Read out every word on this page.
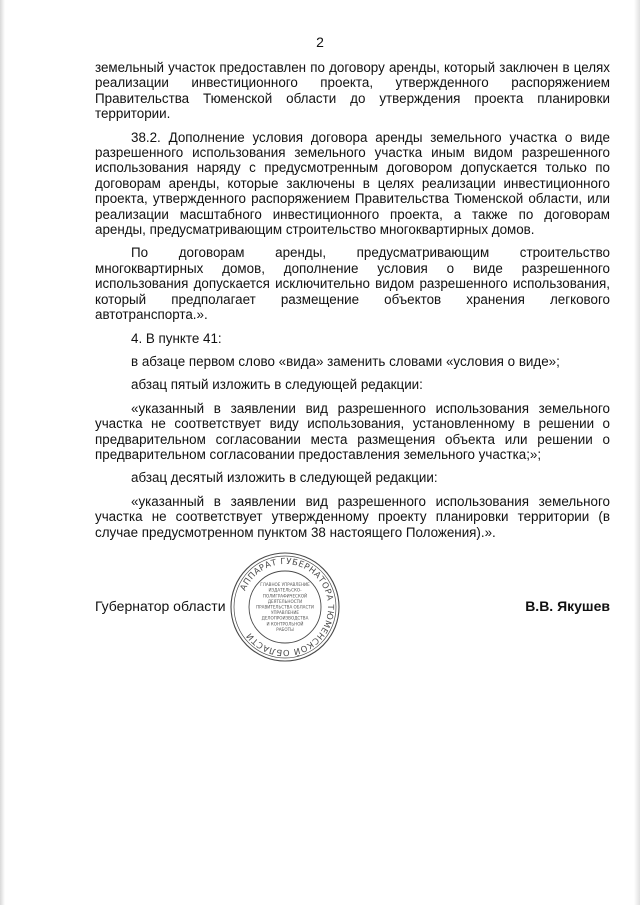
2

земельный участок предоставлен по договору аренды, который заключен в целях реализации инвестиционного проекта, утвержденного распоряжением Правительства Тюменской области до утверждения проекта планировки территории.

38.2. Дополнение условия договора аренды земельного участка о виде разрешенного использования земельного участка иным видом разрешенного использования наряду с предусмотренным договором допускается только по договорам аренды, которые заключены в целях реализации инвестиционного проекта, утвержденного распоряжением Правительства Тюменской области, или реализации масштабного инвестиционного проекта, а также по договорам аренды, предусматривающим строительство многоквартирных домов.

По договорам аренды, предусматривающим строительство многоквартирных домов, дополнение условия о виде разрешенного использования допускается исключительно видом разрешенного использования, который предполагает размещение объектов хранения легкового автотранспорта.».

4. В пункте 41:

в абзаце первом слово «вида» заменить словами «условия о виде»;

абзац пятый изложить в следующей редакции:

«указанный в заявлении вид разрешенного использования земельного участка не соответствует виду использования, установленному в решении о предварительном согласовании места размещения объекта или решении о предварительном согласовании предоставления земельного участка;»;

абзац десятый изложить в следующей редакции:

«указанный в заявлении вид разрешенного использования земельного участка не соответствует утвержденному проекту планировки территории (в случае предусмотренном пунктом 38 настоящего Положения).».

Губернатор области	В.В. Якушев
АППАРАТ ГУБЕРНАТОРА ТЮМЕНСКОЙ ОБЛАСТИ
ГЛАВНОЕ УПРАВЛЕНИЕ
ИЗДАТЕЛЬСКО-
ПОЛИГРАФИЧЕСКОЙ
ДЕЯТЕЛЬНОСТИ
ПРАВИТЕЛЬСТВА ОБЛАСТИ
УПРАВЛЕНИЕ
ДЕЛОПРОИЗВОДСТВА
И КОНТРОЛЬНОЙ
РАБОТЫ
